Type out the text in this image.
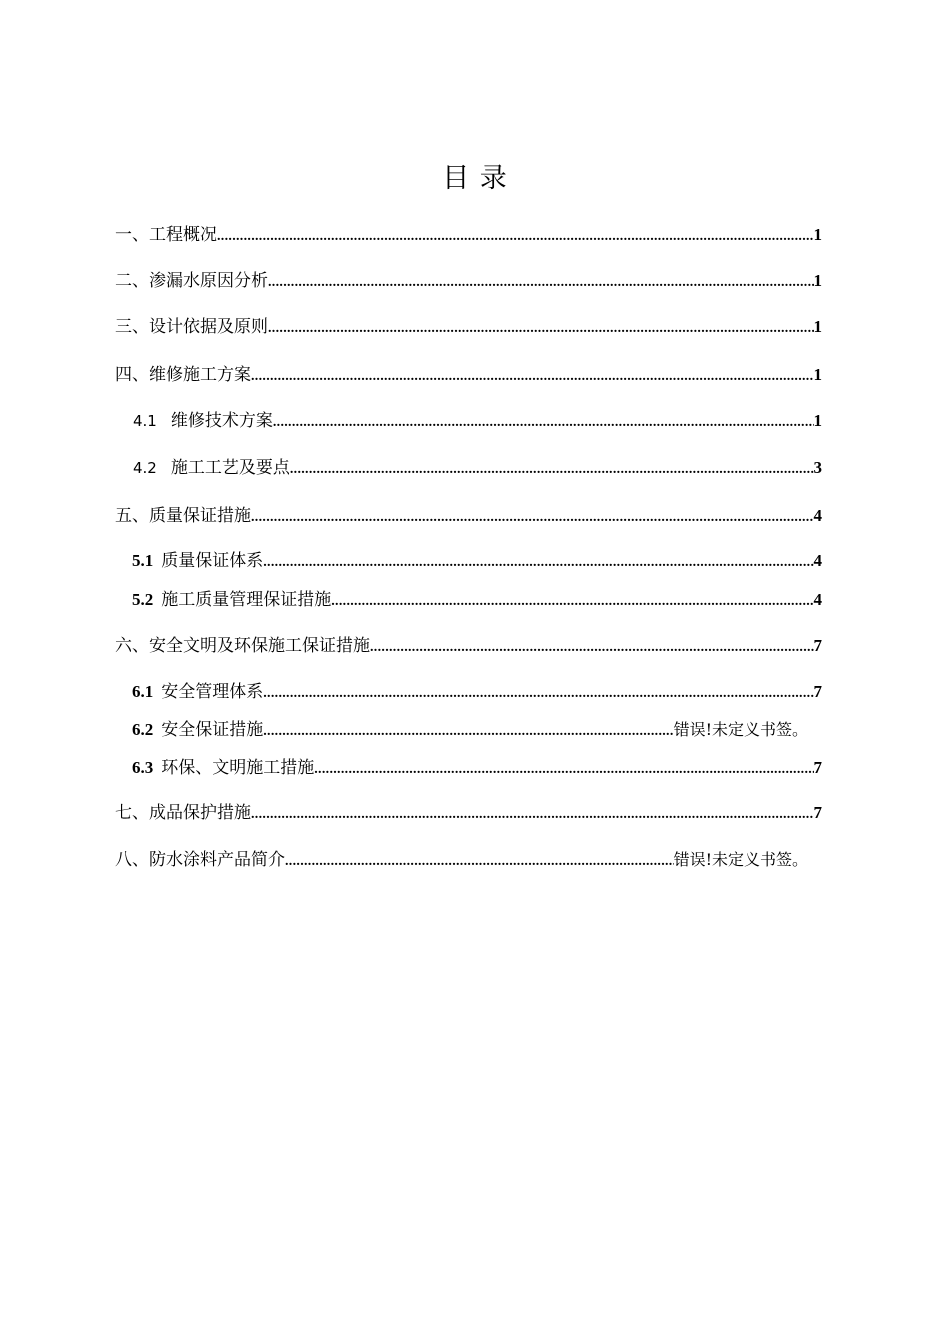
目 录
一、工程概况 .....	1
二、渗漏水原因分析 .....	1
三、设计依据及原则 .....	1
四、维修施工方案 .....	1
4.1 维修技术方案 .....	1
4.2 施工工艺及要点 .....	3
五、质量保证措施 .....	4
5.1 质量保证体系 .....	4
5.2 施工质量管理保证措施 .....	4
六、安全文明及环保施工保证措施 .....	7
6.1 安全管理体系 .....	7
6.2 安全保证措施 .....	错误!未定义书签。
6.3 环保、文明施工措施 .....	7
七、成品保护措施 .....	7
八、防水涂料产品简介 .....	错误!未定义书签。
